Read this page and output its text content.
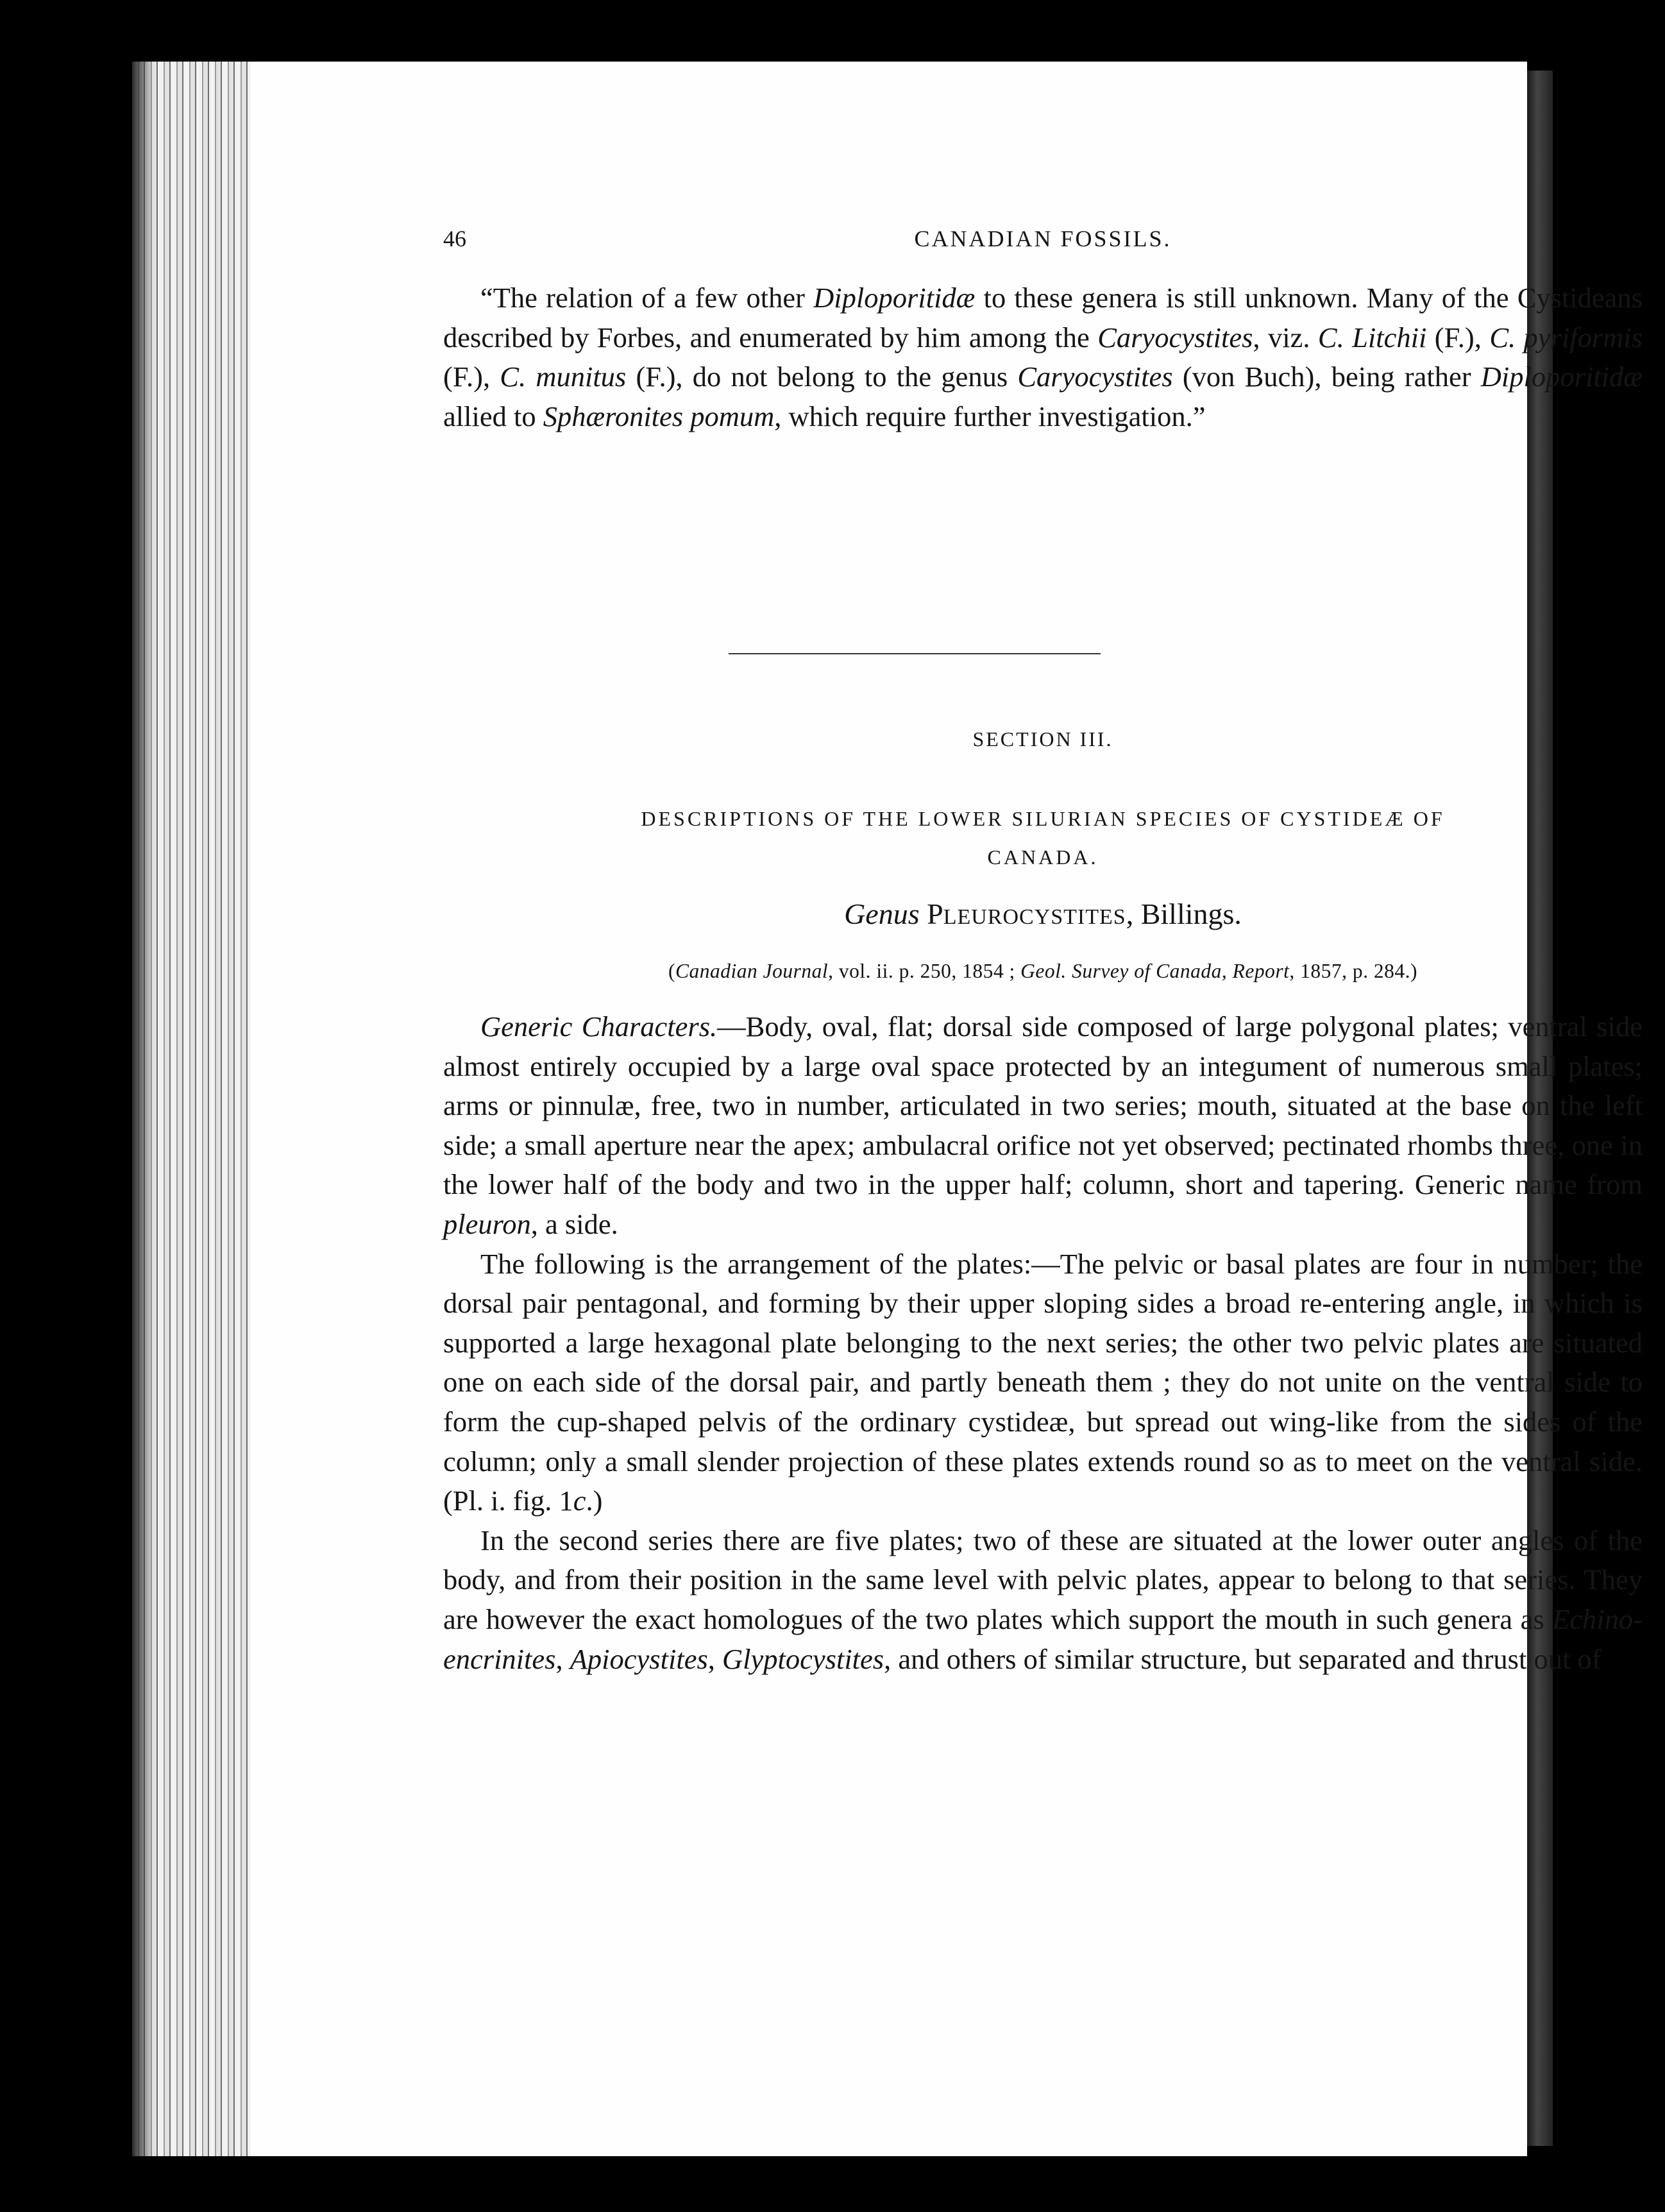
CANADIAN FOSSILS.
46

“The relation of a few other Diploporitidæ to these genera is still unknown. Many of the Cystideans described by Forbes, and enumerated by him among the Caryocystites, viz. C. Litchii (F.), C. pyriformis (F.), C. munitus (F.), do not belong to the genus Caryocystites (von Buch), being rather Diploporitidæ allied to Sphæronites pomum, which require further investigation.”

SECTION III.
DESCRIPTIONS OF THE LOWER SILURIAN SPECIES OF CYSTIDEÆ OF
CANADA.
Genus PLEUROCYSTITES, Billings.
(Canadian Journal, vol. ii. p. 250, 1854 ; Geol. Survey of Canada, Report, 1857, p. 284.)

Generic Characters.—Body, oval, flat; dorsal side composed of large polygonal plates; ventral side almost entirely occupied by a large oval space protected by an integument of numerous small plates; arms or pinnulæ, free, two in number, articulated in two series; mouth, situated at the base on the left side; a small aperture near the apex; ambulacral orifice not yet observed; pectinated rhombs three, one in the lower half of the body and two in the upper half; column, short and tapering. Generic name from pleuron, a side.

The following is the arrangement of the plates:—The pelvic or basal plates are four in number; the dorsal pair pentagonal, and forming by their upper sloping sides a broad re-entering angle, in which is supported a large hexagonal plate belonging to the next series; the other two pelvic plates are situated one on each side of the dorsal pair, and partly beneath them ; they do not unite on the ventral side to form the cup-shaped pelvis of the ordinary cystideæ, but spread out wing-like from the sides of the column; only a small slender projection of these plates extends round so as to meet on the ventral side. (Pl. i. fig. 1c.)

In the second series there are five plates; two of these are situated at the lower outer angles of the body, and from their position in the same level with pelvic plates, appear to belong to that series. They are however the exact homologues of the two plates which support the mouth in such genera as Echino-encrinites, Apiocystites, Glyptocystites, and others of similar structure, but separated and thrust out of
